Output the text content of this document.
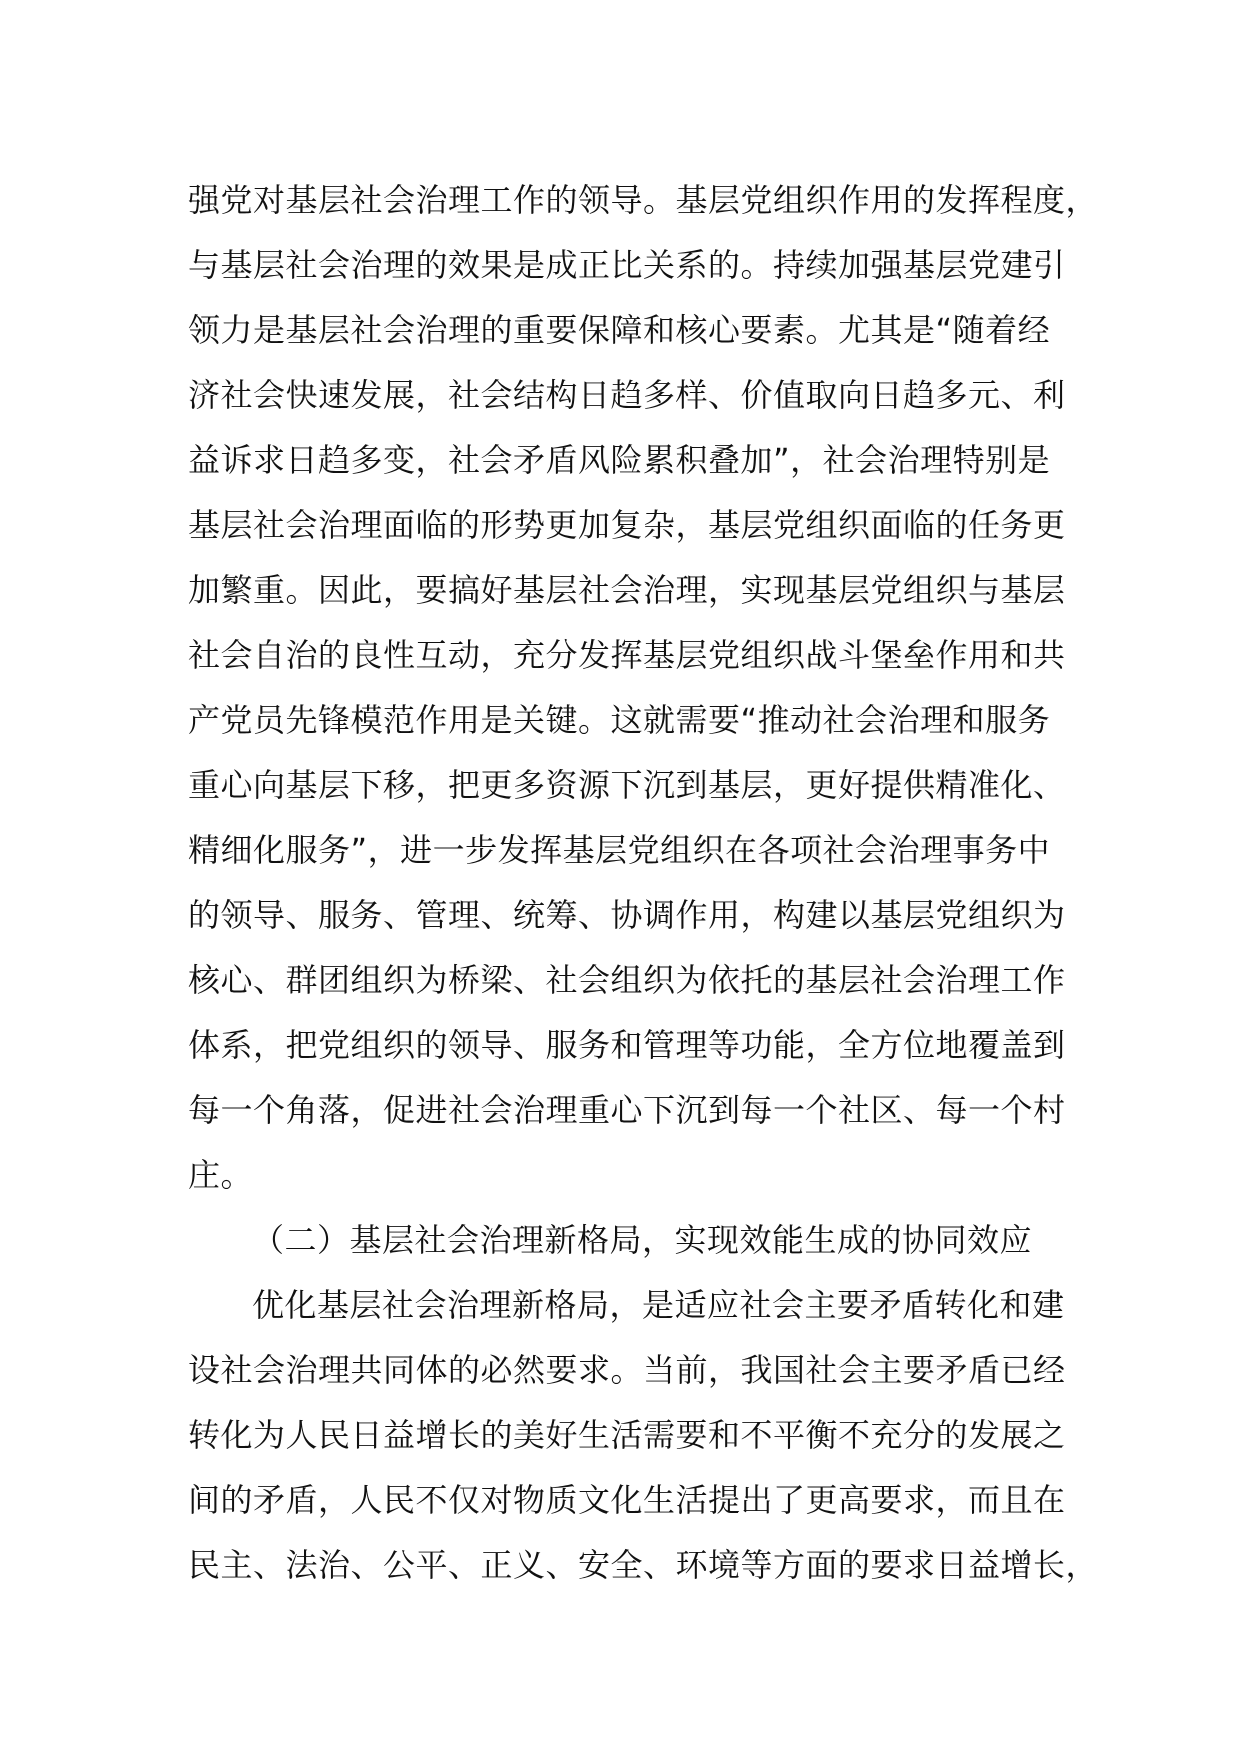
强党对基层社会治理工作的领导。基层党组织作用的发挥程度，
与基层社会治理的效果是成正比关系的。持续加强基层党建引
领力是基层社会治理的重要保障和核心要素。尤其是“随着经
济社会快速发展，社会结构日趋多样、价值取向日趋多元、利
益诉求日趋多变，社会矛盾风险累积叠加”，社会治理特别是
基层社会治理面临的形势更加复杂，基层党组织面临的任务更
加繁重。因此，要搞好基层社会治理，实现基层党组织与基层
社会自治的良性互动，充分发挥基层党组织战斗堡垒作用和共
产党员先锋模范作用是关键。这就需要“推动社会治理和服务
重心向基层下移，把更多资源下沉到基层，更好提供精准化、
精细化服务”，进一步发挥基层党组织在各项社会治理事务中
的领导、服务、管理、统筹、协调作用，构建以基层党组织为
核心、群团组织为桥梁、社会组织为依托的基层社会治理工作
体系，把党组织的领导、服务和管理等功能，全方位地覆盖到
每一个角落，促进社会治理重心下沉到每一个社区、每一个村
庄。
（二）基层社会治理新格局，实现效能生成的协同效应
优化基层社会治理新格局，是适应社会主要矛盾转化和建
设社会治理共同体的必然要求。当前，我国社会主要矛盾已经
转化为人民日益增长的美好生活需要和不平衡不充分的发展之
间的矛盾，人民不仅对物质文化生活提出了更高要求，而且在
民主、法治、公平、正义、安全、环境等方面的要求日益增长，
